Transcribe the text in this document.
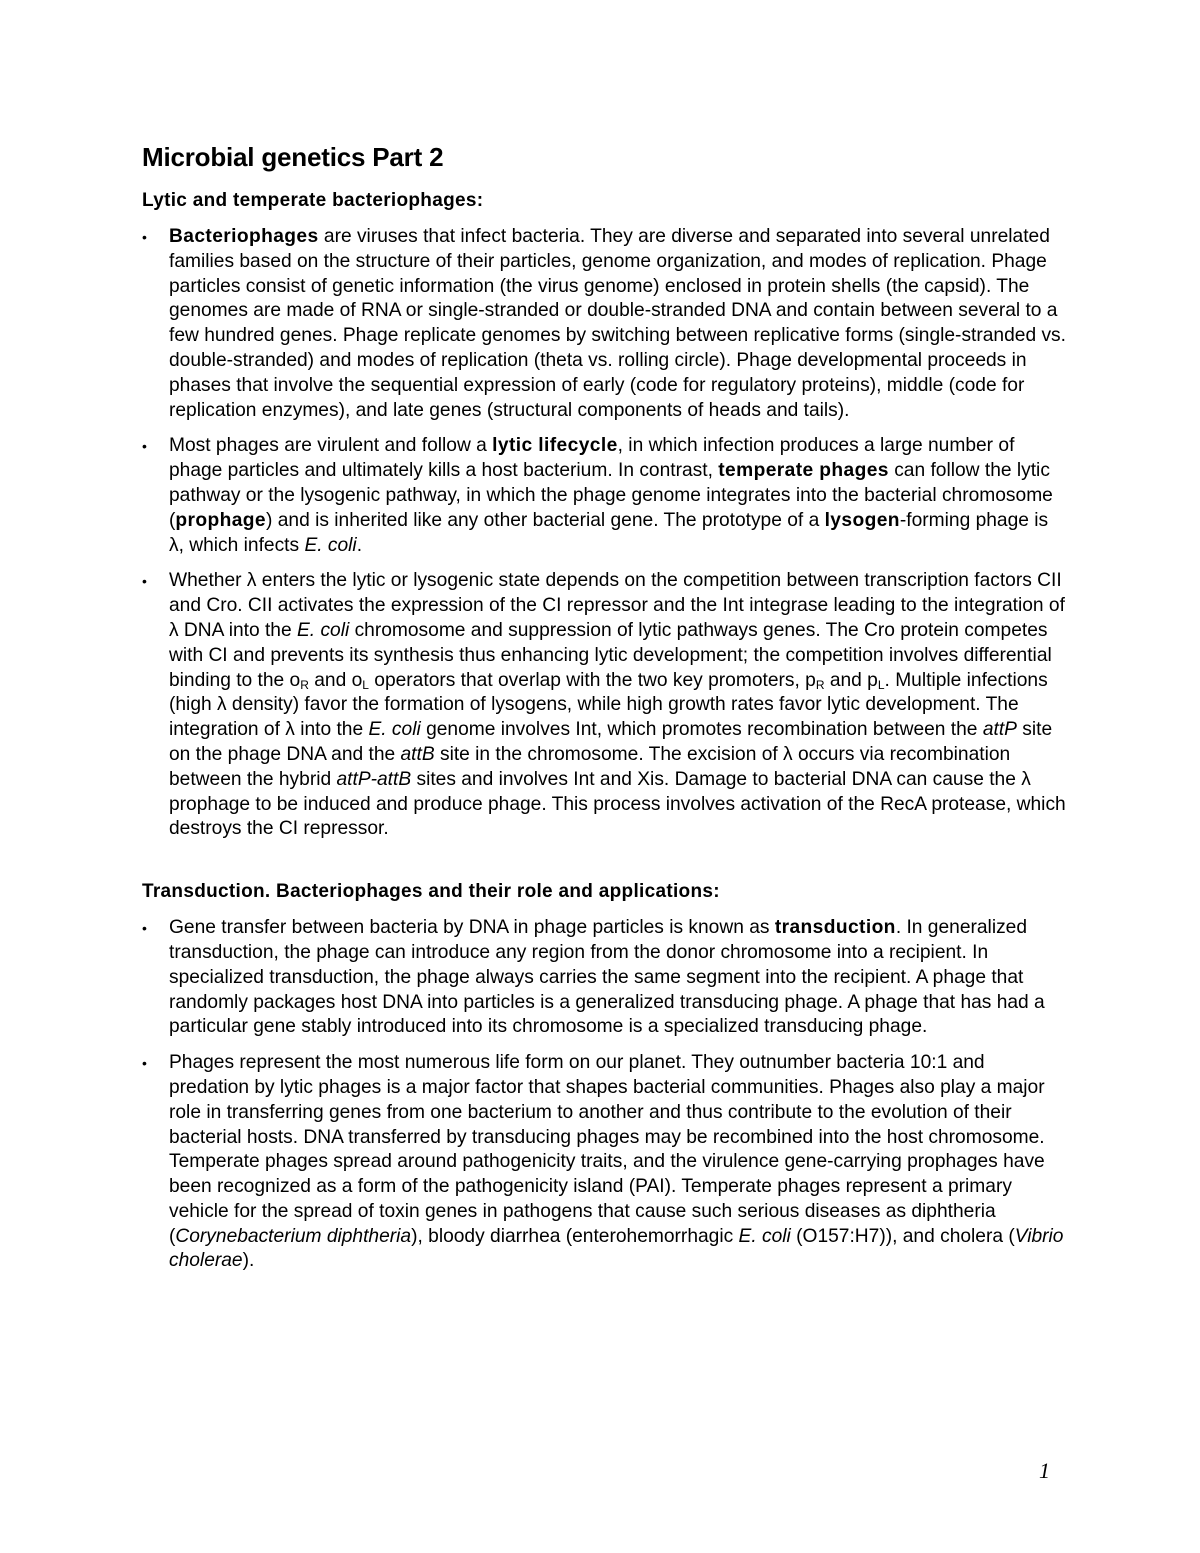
Microbial genetics Part 2
Lytic and temperate bacteriophages:
•	Bacteriophages are viruses that infect bacteria. They are diverse and separated into several unrelated families based on the structure of their particles, genome organization, and modes of replication. Phage particles consist of genetic information (the virus genome) enclosed in protein shells (the capsid). The genomes are made of RNA or single-stranded or double-stranded DNA and contain between several to a few hundred genes. Phage replicate genomes by switching between replicative forms (single-stranded vs. double-stranded) and modes of replication (theta vs. rolling circle). Phage developmental proceeds in phases that involve the sequential expression of early (code for regulatory proteins), middle (code for replication enzymes), and late genes (structural components of heads and tails).
•	Most phages are virulent and follow a lytic lifecycle, in which infection produces a large number of phage particles and ultimately kills a host bacterium. In contrast, temperate phages can follow the lytic pathway or the lysogenic pathway, in which the phage genome integrates into the bacterial chromosome (prophage) and is inherited like any other bacterial gene. The prototype of a lysogen-forming phage is λ, which infects E. coli.
•	Whether λ enters the lytic or lysogenic state depends on the competition between transcription factors CII and Cro. CII activates the expression of the CI repressor and the Int integrase leading to the integration of λ DNA into the E. coli chromosome and suppression of lytic pathways genes. The Cro protein competes with CI and prevents its synthesis thus enhancing lytic development; the competition involves differential binding to the $o_R$ and $o_L$ operators that overlap with the two key promoters, $p_R$ and $p_L$. Multiple infections (high λ density) favor the formation of lysogens, while high growth rates favor lytic development. The integration of λ into the E. coli genome involves Int, which promotes recombination between the attP site on the phage DNA and the attB site in the chromosome. The excision of λ occurs via recombination between the hybrid attP-attB sites and involves Int and Xis. Damage to bacterial DNA can cause the λ prophage to be induced and produce phage. This process involves activation of the RecA protease, which destroys the CI repressor.
Transduction. Bacteriophages and their role and applications:
•	Gene transfer between bacteria by DNA in phage particles is known as transduction. In generalized transduction, the phage can introduce any region from the donor chromosome into a recipient. In specialized transduction, the phage always carries the same segment into the recipient. A phage that randomly packages host DNA into particles is a generalized transducing phage. A phage that has had a particular gene stably introduced into its chromosome is a specialized transducing phage.
•	Phages represent the most numerous life form on our planet. They outnumber bacteria 10:1 and predation by lytic phages is a major factor that shapes bacterial communities. Phages also play a major role in transferring genes from one bacterium to another and thus contribute to the evolution of their bacterial hosts. DNA transferred by transducing phages may be recombined into the host chromosome. Temperate phages spread around pathogenicity traits, and the virulence gene-carrying prophages have been recognized as a form of the pathogenicity island (PAI). Temperate phages represent a primary vehicle for the spread of toxin genes in pathogens that cause such serious diseases as diphtheria (Corynebacterium diphtheria), bloody diarrhea (enterohemorrhagic E. coli (O157:H7)), and cholera (Vibrio cholerae).
1
